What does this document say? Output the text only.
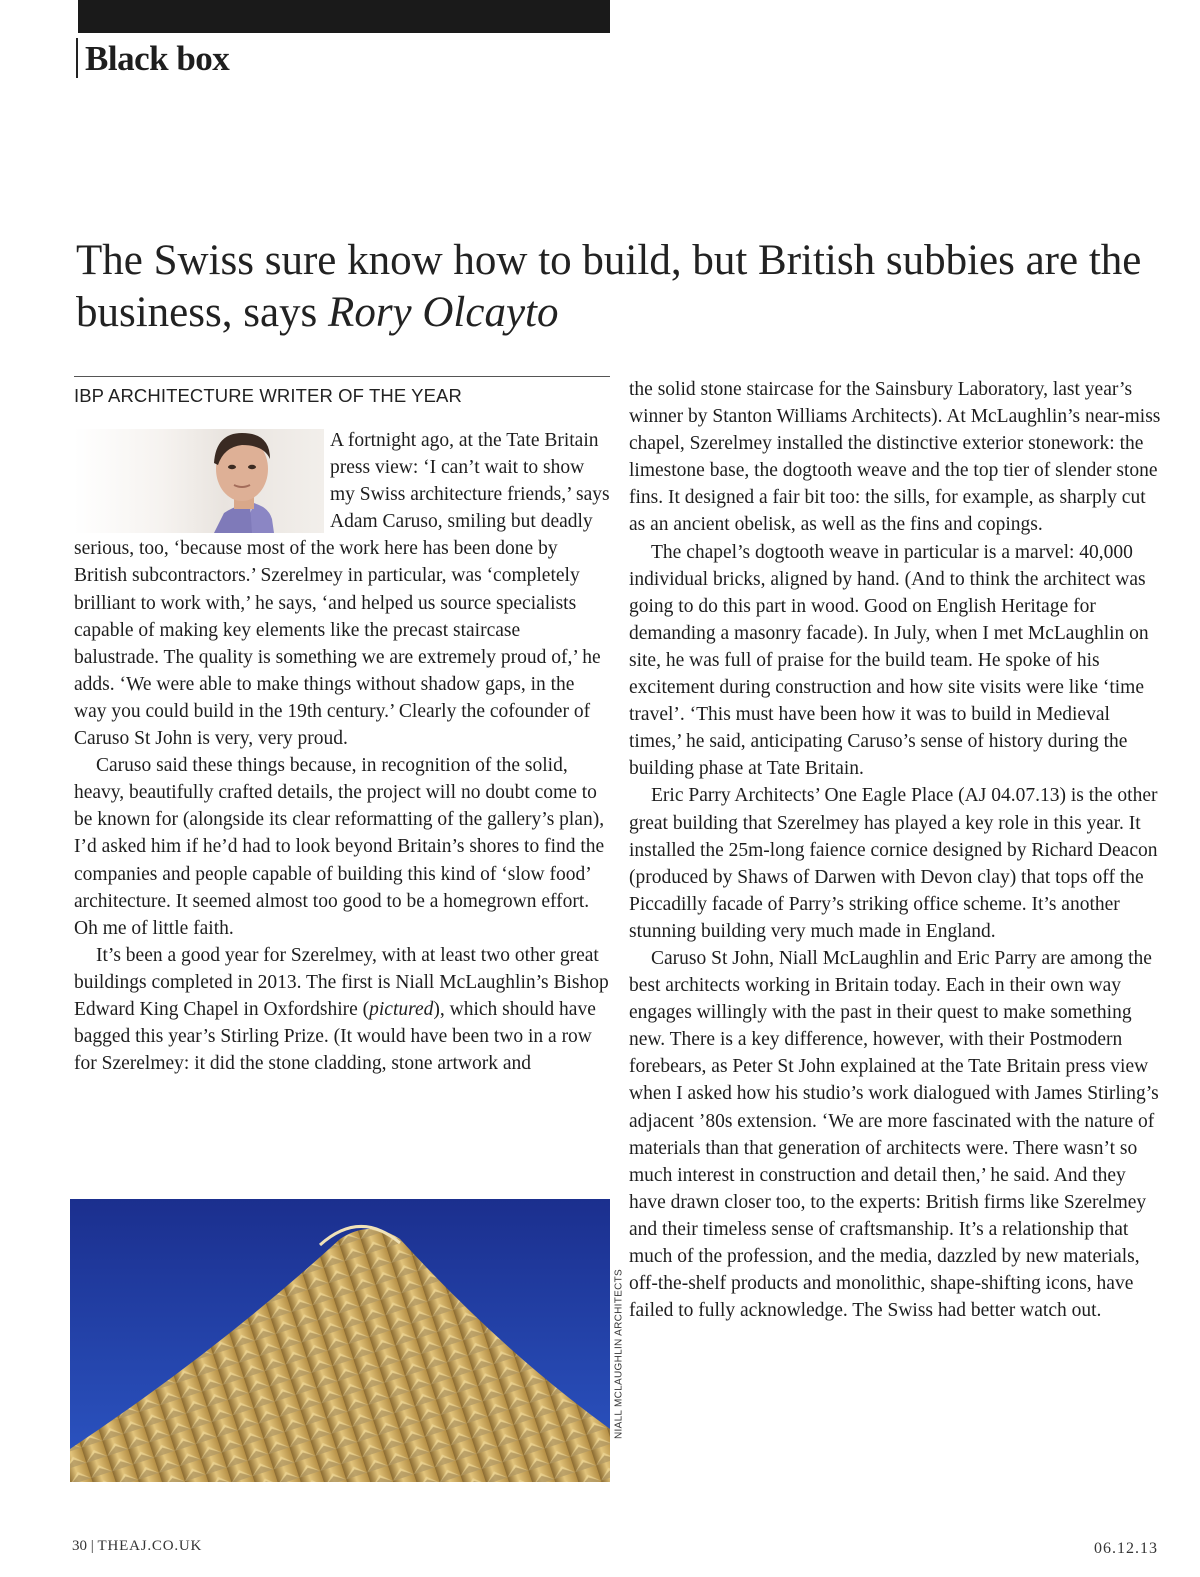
Black box
The Swiss sure know how to build, but British subbies are the business, says Rory Olcayto

IBP ARCHITECTURE WRITER OF THE YEAR

A fortnight ago, at the Tate Britain press view: ‘I can’t wait to show my Swiss architecture friends,’ says Adam Caruso, smiling but deadly serious, too, ‘because most of the work here has been done by British subcontractors.’ Szerelmey in particular, was ‘completely brilliant to work with,’ he says, ‘and helped us source specialists capable of making key elements like the precast staircase balustrade. The quality is something we are extremely proud of,’ he adds. ‘We were able to make things without shadow gaps, in the way you could build in the 19th century.’ Clearly the cofounder of Caruso St John is very, very proud.

Caruso said these things because, in recognition of the solid, heavy, beautifully crafted details, the project will no doubt come to be known for (alongside its clear reformatting of the gallery’s plan), I’d asked him if he’d had to look beyond Britain’s shores to find the companies and people capable of building this kind of ‘slow food’ architecture. It seemed almost too good to be a homegrown effort. Oh me of little faith.

It’s been a good year for Szerelmey, with at least two other great buildings completed in 2013. The first is Niall McLaughlin’s Bishop Edward King Chapel in Oxfordshire (pictured), which should have bagged this year’s Stirling Prize. (It would have been two in a row for Szerelmey: it did the stone cladding, stone artwork and

the solid stone staircase for the Sainsbury Laboratory, last year’s winner by Stanton Williams Architects). At McLaughlin’s near-miss chapel, Szerelmey installed the distinctive exterior stonework: the limestone base, the dogtooth weave and the top tier of slender stone fins. It designed a fair bit too: the sills, for example, as sharply cut as an ancient obelisk, as well as the fins and copings.

The chapel’s dogtooth weave in particular is a marvel: 40,000 individual bricks, aligned by hand. (And to think the architect was going to do this part in wood. Good on English Heritage for demanding a masonry facade). In July, when I met McLaughlin on site, he was full of praise for the build team. He spoke of his excitement during construction and how site visits were like ‘time travel’. ‘This must have been how it was to build in Medieval times,’ he said, anticipating Caruso’s sense of history during the building phase at Tate Britain.

Eric Parry Architects’ One Eagle Place (AJ 04.07.13) is the other great building that Szerelmey has played a key role in this year. It installed the 25m-long faience cornice designed by Richard Deacon (produced by Shaws of Darwen with Devon clay) that tops off the Piccadilly facade of Parry’s striking office scheme. It’s another stunning building very much made in England.

Caruso St John, Niall McLaughlin and Eric Parry are among the best architects working in Britain today. Each in their own way engages willingly with the past in their quest to make something new. There is a key difference, however, with their Postmodern forebears, as Peter St John explained at the Tate Britain press view when I asked how his studio’s work dialogued with James Stirling’s adjacent ’80s extension. ‘We are more fascinated with the nature of materials than that generation of architects were. There wasn’t so much interest in construction and detail then,’ he said. And they have drawn closer too, to the experts: British firms like Szerelmey and their timeless sense of craftsmanship. It’s a relationship that much of the profession, and the media, dazzled by new materials, off-the-shelf products and monolithic, shape-shifting icons, have failed to fully acknowledge. The Swiss had better watch out.

NIALL MCLAUGHLIN ARCHITECTS
30 | THEAJ.CO.UK	06.12.13
